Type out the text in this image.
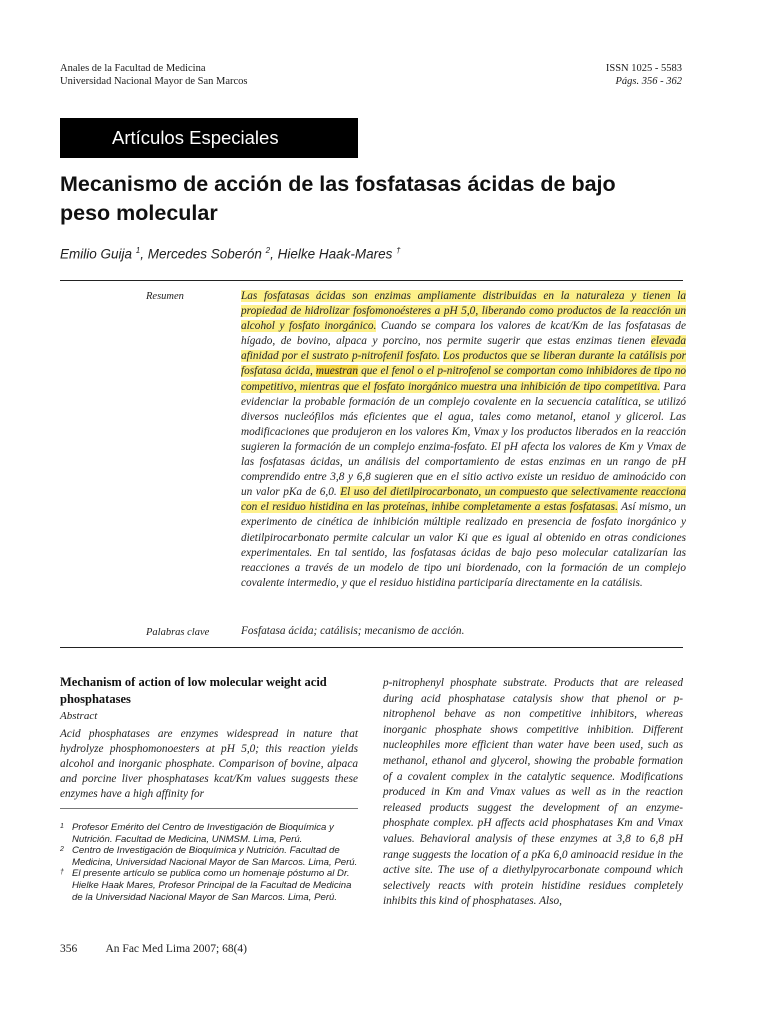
Anales de la Facultad de Medicina
Universidad Nacional Mayor de San Marcos
ISSN 1025 - 5583
Págs. 356 - 362
Artículos Especiales
Mecanismo de acción de las fosfatasas ácidas de bajo peso molecular
Emilio Guija $^1$, Mercedes Soberón $^2$, Hielke Haak-Mares †
Resumen	Las fosfatasas ácidas son enzimas ampliamente distribuidas en la naturaleza y tienen la propiedad de hidrolizar fosfomonoésteres a pH 5,0, liberando como productos de la reacción un alcohol y fosfato inorgánico. Cuando se compara los valores de kcat/Km de las fosfatasas de hígado, de bovino, alpaca y porcino, nos permite sugerir que estas enzimas tienen elevada afinidad por el sustrato p-nitrofenil fosfato. Los productos que se liberan durante la catálisis por fosfatasa ácida, muestran que el fenol o el p-nitrofenol se comportan como inhibidores de tipo no competitivo, mientras que el fosfato inorgánico muestra una inhibición de tipo competitiva. Para evidenciar la probable formación de un complejo covalente en la secuencia catalítica, se utilizó diversos nucleófilos más eficientes que el agua, tales como metanol, etanol y glicerol. Las modificaciones que produjeron en los valores Km, Vmax y los productos liberados en la reacción sugieren la formación de un complejo enzima-fosfato. El pH afecta los valores de Km y Vmax de las fosfatasas ácidas, un análisis del comportamiento de estas enzimas en un rango de pH comprendido entre 3,8 y 6,8 sugieren que en el sitio activo existe un residuo de aminoácido con un valor pKa de 6,0. El uso del dietilpirocarbonato, un compuesto que selectivamente reacciona con el residuo histidina en las proteínas, inhibe completamente a estas fosfatasas. Así mismo, un experimento de cinética de inhibición múltiple realizado en presencia de fosfato inorgánico y dietilpirocarbonato permite calcular un valor Ki que es igual al obtenido en otras condiciones experimentales. En tal sentido, las fosfatasas ácidas de bajo peso molecular catalizarían las reacciones a través de un modelo de tipo uni biordenado, con la formación de un complejo covalente intermedio, y que el residuo histidina participaría directamente en la catálisis.
Palabras clave	Fosfatasa ácida; catálisis; mecanismo de acción.
Mechanism of action of low molecular weight acid phosphatases
Abstract
Acid phosphatases are enzymes widespread in nature that hydrolyze phosphomonoesters at pH 5,0; this reaction yields alcohol and inorganic phosphate. Comparison of bovine, alpaca and porcine liver phosphatases kcat/Km values suggests these enzymes have a high affinity for
1 Profesor Emérito del Centro de Investigación de Bioquímica y Nutrición. Facultad de Medicina, UNMSM. Lima, Perú.
2 Centro de Investigación de Bioquímica y Nutrición. Facultad de Medicina, Universidad Nacional Mayor de San Marcos. Lima, Perú.
† El presente artículo se publica como un homenaje póstumo al Dr. Hielke Haak Mares, Profesor Principal de la Facultad de Medicina de la Universidad Nacional Mayor de San Marcos. Lima, Perú.
p-nitrophenyl phosphate substrate. Products that are released during acid phosphatase catalysis show that phenol or p-nitrophenol behave as non competitive inhibitors, whereas inorganic phosphate shows competitive inhibition. Different nucleophiles more efficient than water have been used, such as methanol, ethanol and glycerol, showing the probable formation of a covalent complex in the catalytic sequence. Modifications produced in Km and Vmax values as well as in the reaction released products suggest the development of an enzyme-phosphate complex. pH affects acid phosphatases Km and Vmax values. Behavioral analysis of these enzymes at 3,8 to 6,8 pH range suggests the location of a pKa 6,0 aminoacid residue in the active site. The use of a diethylpyrocarbonate compound which selectively reacts with protein histidine residues completely inhibits this kind of phosphatases. Also,
356 An Fac Med Lima 2007; 68(4)
